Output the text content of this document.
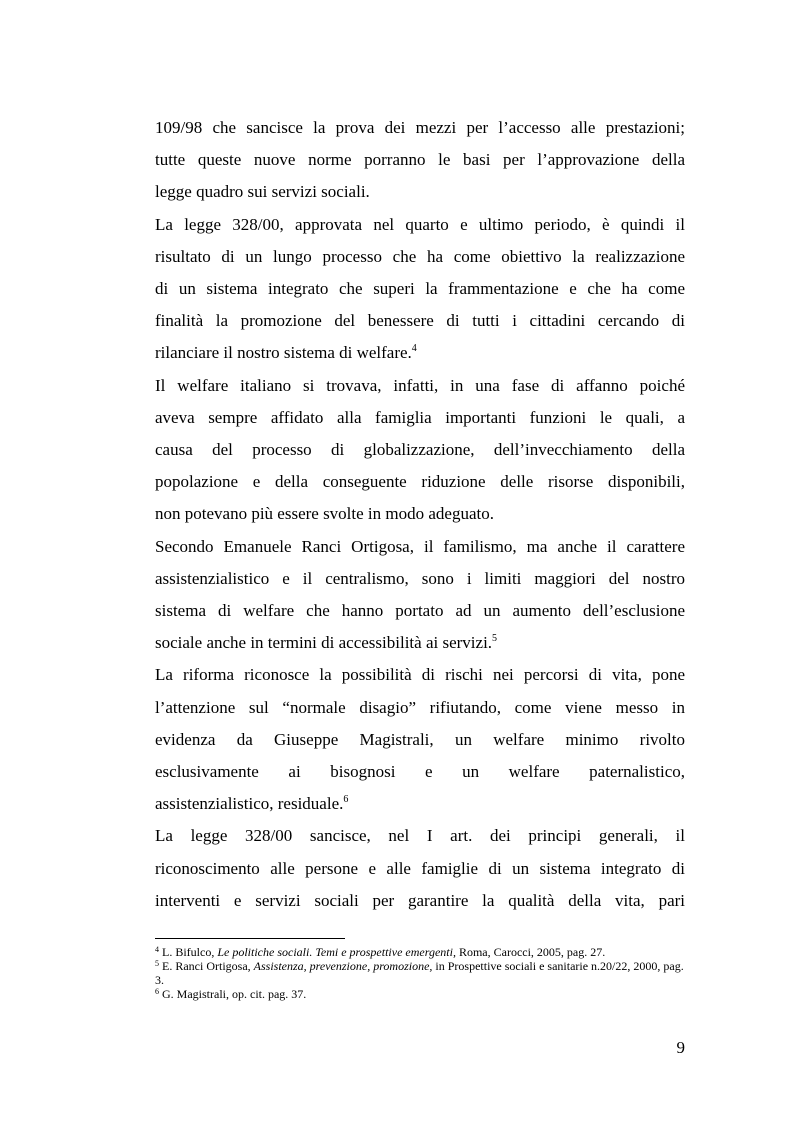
109/98 che sancisce la prova dei mezzi per l’accesso alle prestazioni;
tutte queste nuove norme porranno le basi per l’approvazione della
legge quadro sui servizi sociali.

La legge 328/00, approvata nel quarto e ultimo periodo, è quindi il
risultato di un lungo processo che ha come obiettivo la realizzazione
di un sistema integrato che superi la frammentazione e che ha come
finalità la promozione del benessere di tutti i cittadini cercando di
rilanciare il nostro sistema di welfare.$^4$

Il welfare italiano si trovava, infatti, in una fase di affanno poiché
aveva sempre affidato alla famiglia importanti funzioni le quali, a
causa del processo di globalizzazione, dell’invecchiamento della
popolazione e della conseguente riduzione delle risorse disponibili,
non potevano più essere svolte in modo adeguato.

Secondo Emanuele Ranci Ortigosa, il familismo, ma anche il carattere
assistenzialistico e il centralismo, sono i limiti maggiori del nostro
sistema di welfare che hanno portato ad un aumento dell’esclusione
sociale anche in termini di accessibilità ai servizi.$^5$

La riforma riconosce la possibilità di rischi nei percorsi di vita, pone
l’attenzione sul “normale disagio” rifiutando, come viene messo in
evidenza da Giuseppe Magistrali, un welfare minimo rivolto
esclusivamente ai bisognosi e un welfare paternalistico,
assistenzialistico, residuale.$^6$

La legge 328/00 sancisce, nel I art. dei principi generali, il
riconoscimento alle persone e alle famiglie di un sistema integrato di
interventi e servizi sociali per garantire la qualità della vita, pari

$^4$ L. Bifulco, Le politiche sociali. Temi e prospettive emergenti, Roma, Carocci, 2005, pag. 27.

$^5$ E. Ranci Ortigosa, Assistenza, prevenzione, promozione, in Prospettive sociali e sanitarie n.20/22, 2000, pag. 3.

$^6$ G. Magistrali, op. cit. pag. 37.

9
